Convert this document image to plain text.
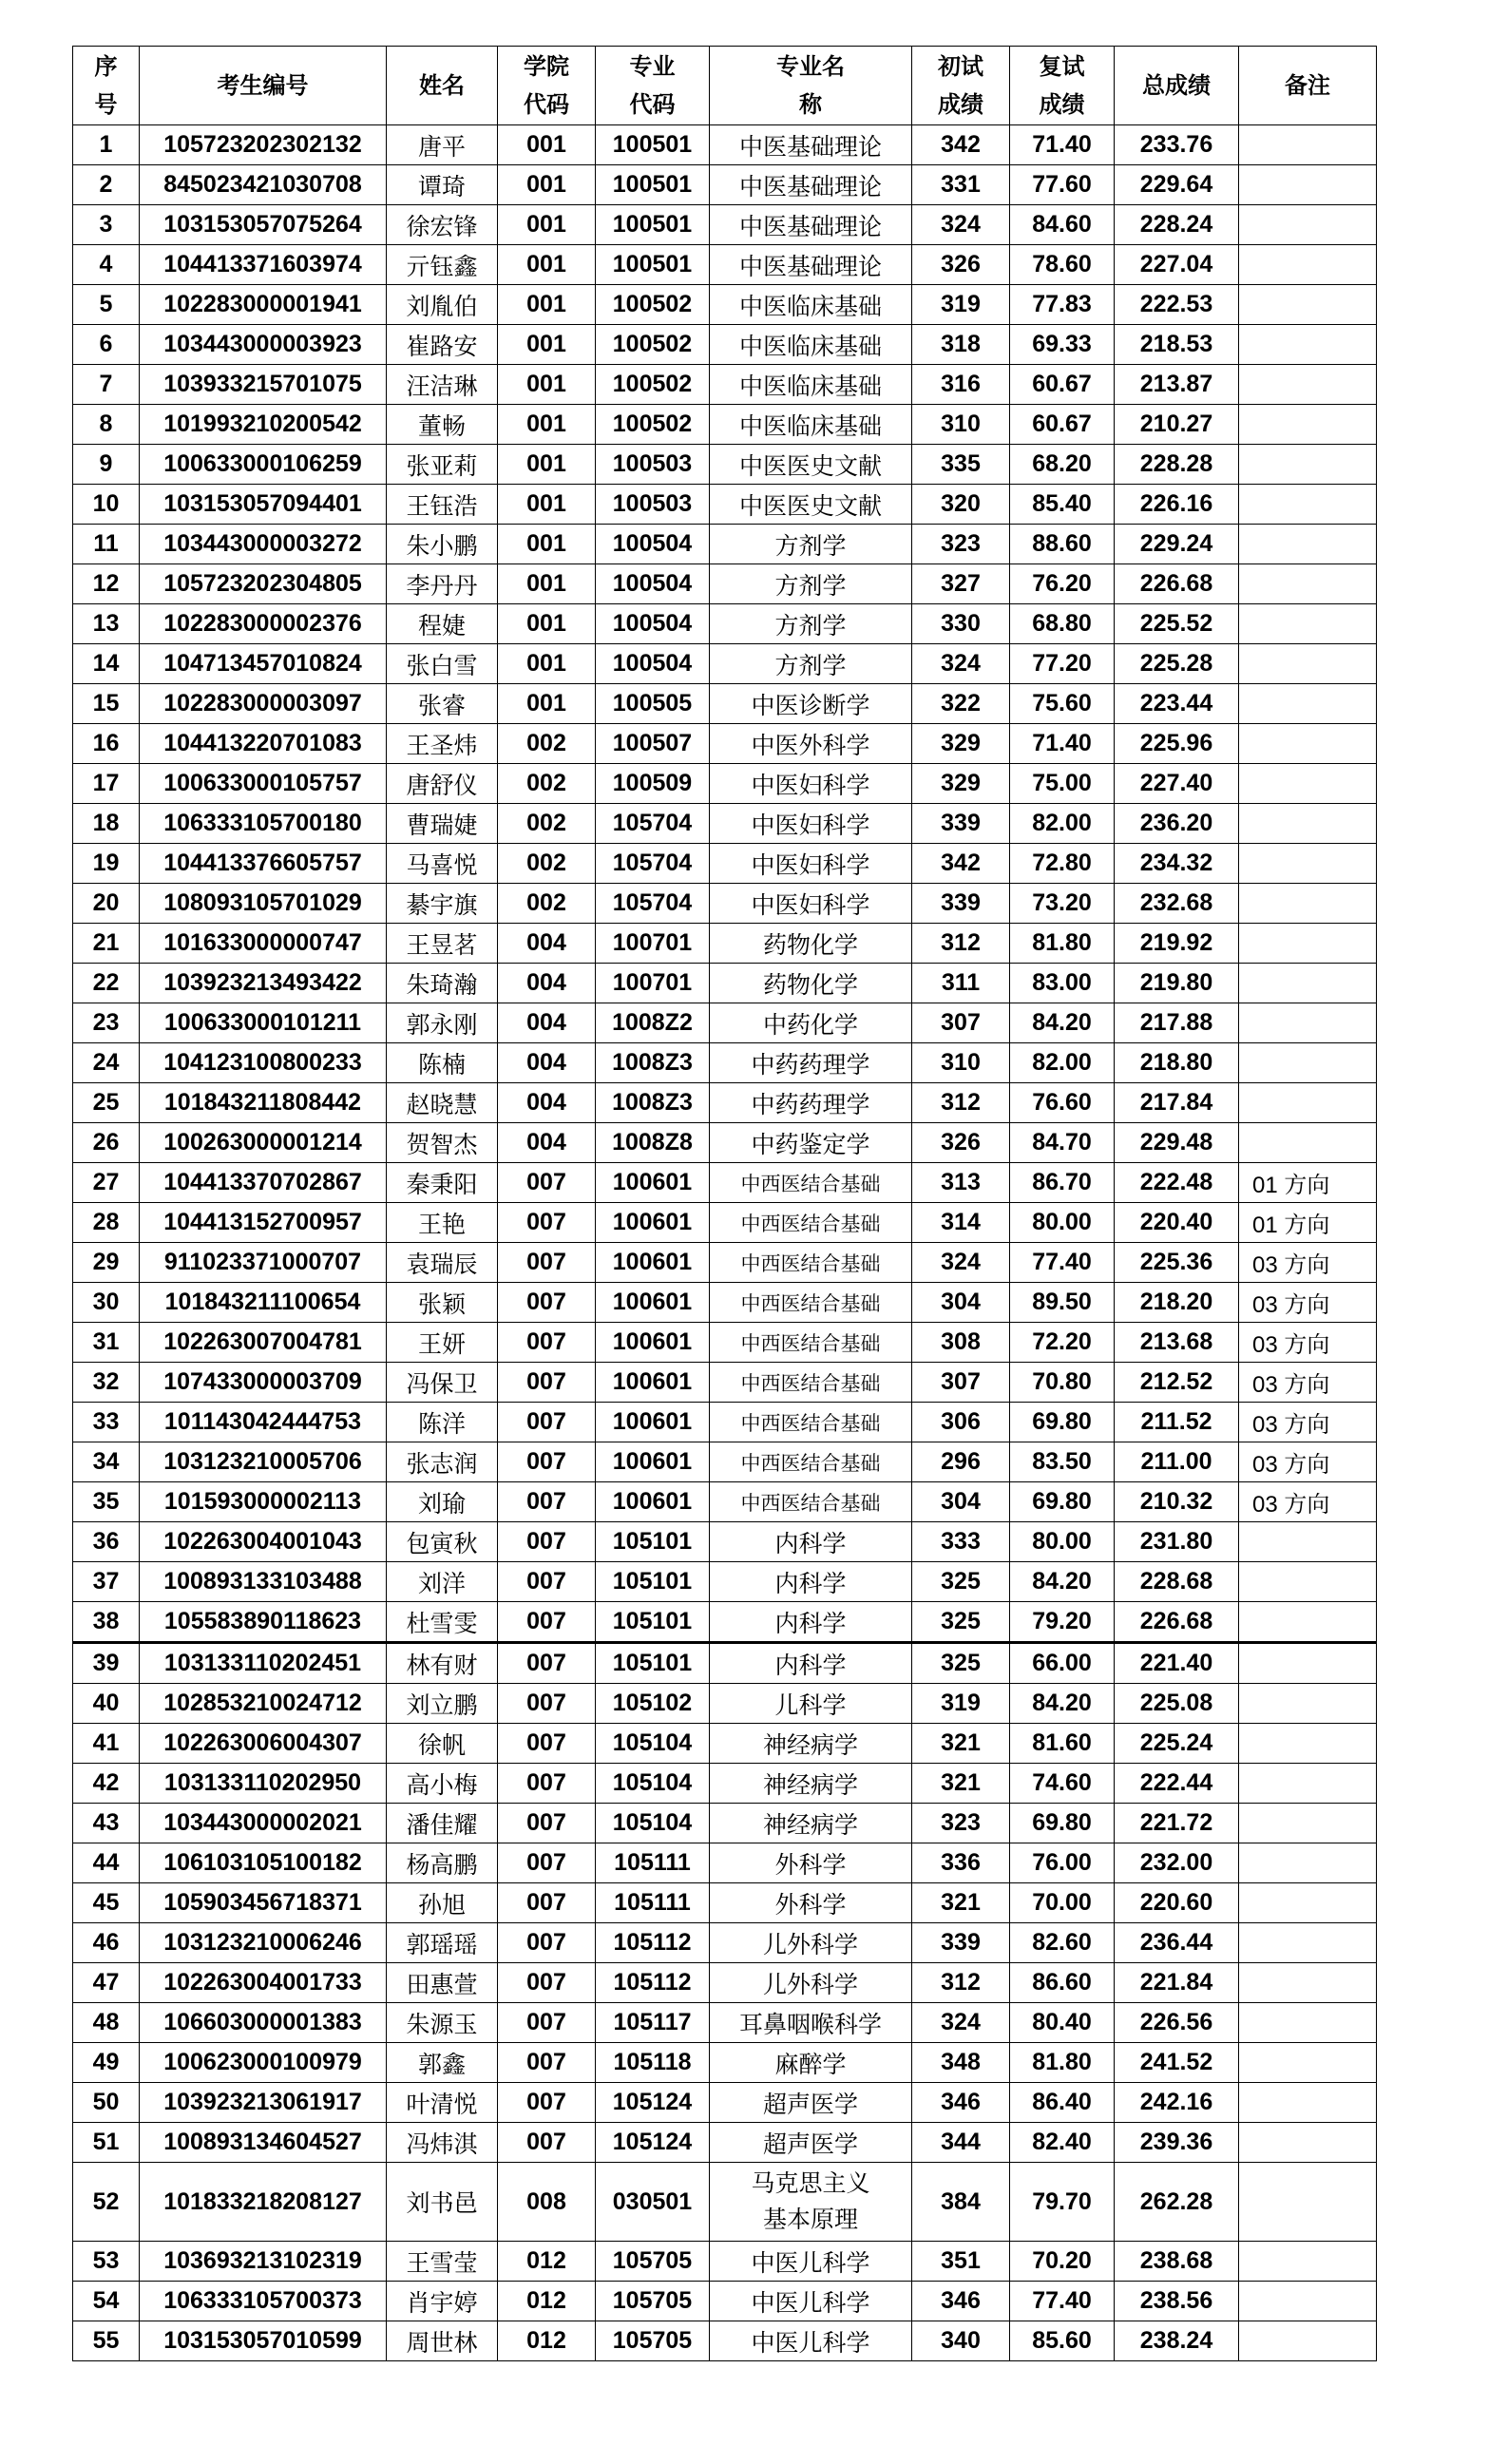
序号	考生编号	姓名	学院代码	专业代码	专业名称	初试成绩	复试成绩	总成绩	备注
1	105723202302132	唐平	001	100501	中医基础理论	342	71.40	233.76	
2	845023421030708	谭琦	001	100501	中医基础理论	331	77.60	229.64	
3	103153057075264	徐宏锋	001	100501	中医基础理论	324	84.60	228.24	
4	104413371603974	亓钰鑫	001	100501	中医基础理论	326	78.60	227.04	
5	102283000001941	刘胤伯	001	100502	中医临床基础	319	77.83	222.53	
6	103443000003923	崔路安	001	100502	中医临床基础	318	69.33	218.53	
7	103933215701075	汪洁琳	001	100502	中医临床基础	316	60.67	213.87	
8	101993210200542	董畅	001	100502	中医临床基础	310	60.67	210.27	
9	100633000106259	张亚莉	001	100503	中医医史文献	335	68.20	228.28	
10	103153057094401	王钰浩	001	100503	中医医史文献	320	85.40	226.16	
11	103443000003272	朱小鹏	001	100504	方剂学	323	88.60	229.24	
12	105723202304805	李丹丹	001	100504	方剂学	327	76.20	226.68	
13	102283000002376	程婕	001	100504	方剂学	330	68.80	225.52	
14	104713457010824	张白雪	001	100504	方剂学	324	77.20	225.28	
15	102283000003097	张睿	001	100505	中医诊断学	322	75.60	223.44	
16	104413220701083	王圣炜	002	100507	中医外科学	329	71.40	225.96	
17	100633000105757	唐舒仪	002	100509	中医妇科学	329	75.00	227.40	
18	106333105700180	曹瑞婕	002	105704	中医妇科学	339	82.00	236.20	
19	104413376605757	马喜悦	002	105704	中医妇科学	342	72.80	234.32	
20	108093105701029	綦宇旗	002	105704	中医妇科学	339	73.20	232.68	
21	101633000000747	王昱茗	004	100701	药物化学	312	81.80	219.92	
22	103923213493422	朱琦瀚	004	100701	药物化学	311	83.00	219.80	
23	100633000101211	郭永刚	004	1008Z2	中药化学	307	84.20	217.88	
24	104123100800233	陈楠	004	1008Z3	中药药理学	310	82.00	218.80	
25	101843211808442	赵晓慧	004	1008Z3	中药药理学	312	76.60	217.84	
26	100263000001214	贺智杰	004	1008Z8	中药鉴定学	326	84.70	229.48	
27	104413370702867	秦秉阳	007	100601	中西医结合基础	313	86.70	222.48	01 方向
28	104413152700957	王艳	007	100601	中西医结合基础	314	80.00	220.40	01 方向
29	911023371000707	袁瑞辰	007	100601	中西医结合基础	324	77.40	225.36	03 方向
30	101843211100654	张颖	007	100601	中西医结合基础	304	89.50	218.20	03 方向
31	102263007004781	王妍	007	100601	中西医结合基础	308	72.20	213.68	03 方向
32	107433000003709	冯保卫	007	100601	中西医结合基础	307	70.80	212.52	03 方向
33	101143042444753	陈洋	007	100601	中西医结合基础	306	69.80	211.52	03 方向
34	103123210005706	张志润	007	100601	中西医结合基础	296	83.50	211.00	03 方向
35	101593000002113	刘瑜	007	100601	中西医结合基础	304	69.80	210.32	03 方向
36	102263004001043	包寅秋	007	105101	内科学	333	80.00	231.80	
37	100893133103488	刘洋	007	105101	内科学	325	84.20	228.68	
38	105583890118623	杜雪雯	007	105101	内科学	325	79.20	226.68	
39	103133110202451	林有财	007	105101	内科学	325	66.00	221.40	
40	102853210024712	刘立鹏	007	105102	儿科学	319	84.20	225.08	
41	102263006004307	徐帆	007	105104	神经病学	321	81.60	225.24	
42	103133110202950	高小梅	007	105104	神经病学	321	74.60	222.44	
43	103443000002021	潘佳耀	007	105104	神经病学	323	69.80	221.72	
44	106103105100182	杨高鹏	007	105111	外科学	336	76.00	232.00	
45	105903456718371	孙旭	007	105111	外科学	321	70.00	220.60	
46	103123210006246	郭瑶瑶	007	105112	儿外科学	339	82.60	236.44	
47	102263004001733	田惠萱	007	105112	儿外科学	312	86.60	221.84	
48	106603000001383	朱源玉	007	105117	耳鼻咽喉科学	324	80.40	226.56	
49	100623000100979	郭鑫	007	105118	麻醉学	348	81.80	241.52	
50	103923213061917	叶清悦	007	105124	超声医学	346	86.40	242.16	
51	100893134604527	冯炜淇	007	105124	超声医学	344	82.40	239.36	
52	101833218208127	刘书邑	008	030501	马克思主义基本原理	384	79.70	262.28	
53	103693213102319	王雪莹	012	105705	中医儿科学	351	70.20	238.68	
54	106333105700373	肖宇婷	012	105705	中医儿科学	346	77.40	238.56	
55	103153057010599	周世林	012	105705	中医儿科学	340	85.60	238.24	
